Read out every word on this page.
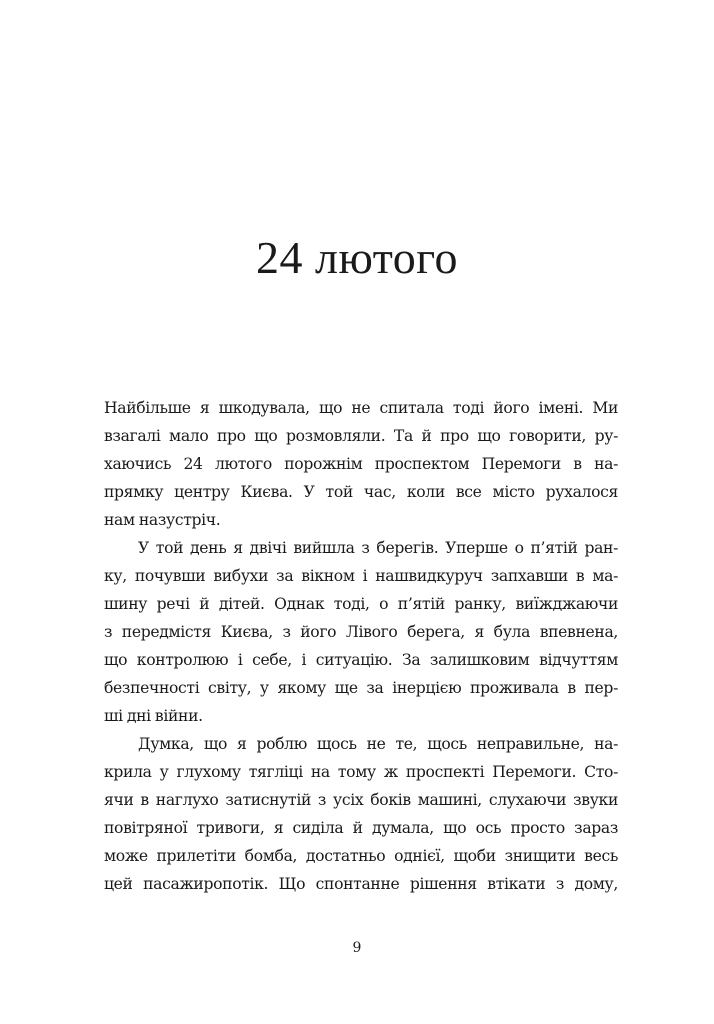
24 лютого
Найбільше я шкодувала, що не спитала тоді його імені. Ми
взагалі мало про що розмовляли. Та й про що говорити, ру-
хаючись 24 лютого порожнім проспектом Перемоги в на-
прямку центру Києва. У той час, коли все місто рухалося
нам назустріч.
У той день я двічі вийшла з берегів. Уперше о п’ятій ран-
ку, почувши вибухи за вікном і нашвидкуруч запхавши в ма-
шину речі й дітей. Однак тоді, о п’ятій ранку, виїжджаючи
з передмістя Києва, з його Лівого берега, я була впевнена,
що контролюю і себе, і ситуацію. За залишковим відчуттям
безпечності світу, у якому ще за інерцією проживала в пер-
ші дні війни.
Думка, що я роблю щось не те, щось неправильне, на-
крила у глухому тягліці на тому ж проспекті Перемоги. Сто-
ячи в наглухо затиснутій з усіх боків машині, слухаючи звуки
повітряної тривоги, я сиділа й думала, що ось просто зараз
може прилетіти бомба, достатньо однієї, щоби знищити весь
цей пасажиропотік. Що спонтанне рішення втікати з дому,
9
